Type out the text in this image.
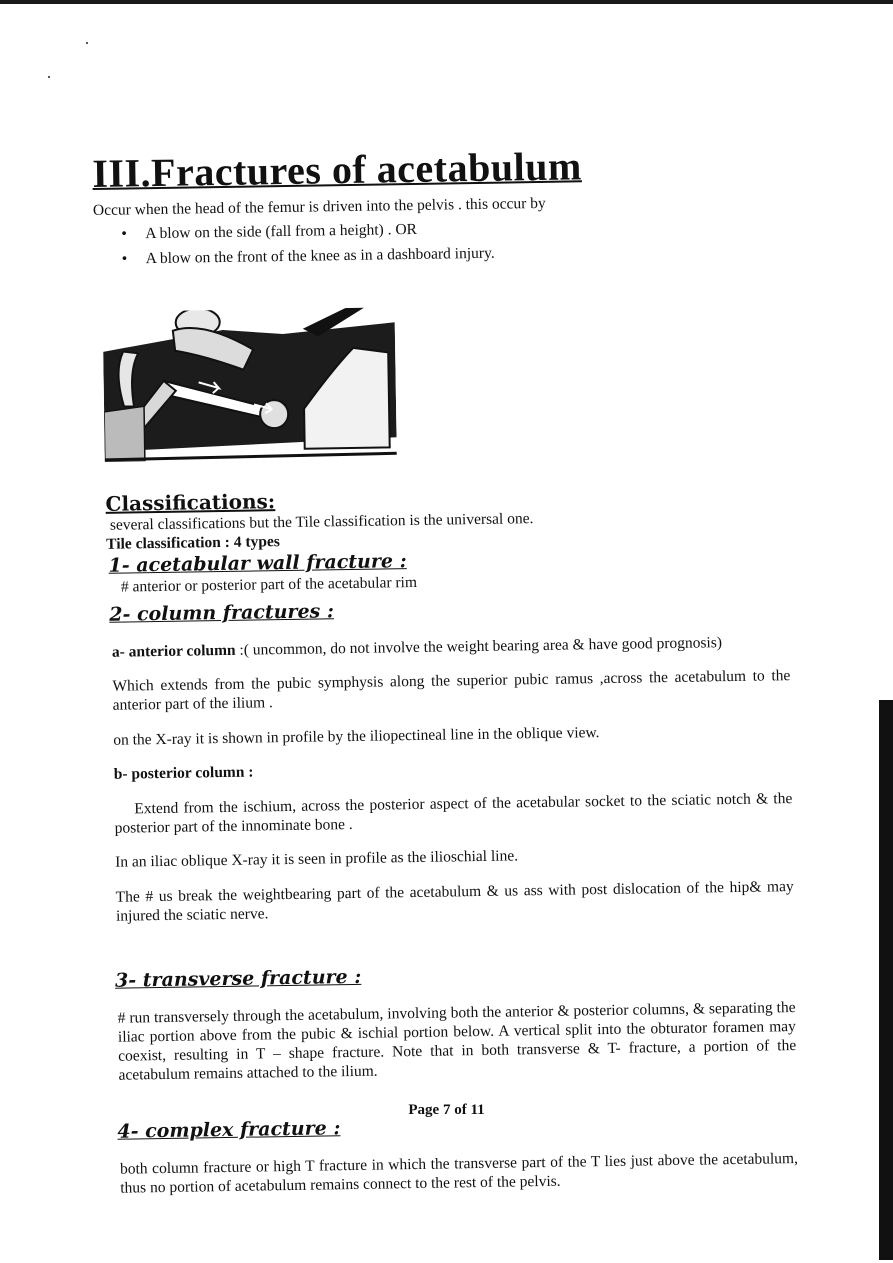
III.Fractures of acetabulum

Occur when the head of the femur is driven into the pelvis . this occur by

• A blow on the side (fall from a height) . OR
• A blow on the front of the knee as in a dashboard injury.
Classifications:

several classifications but the Tile classification is the universal one.

Tile classification : 4 types

1- acetabular wall fracture :

# anterior or posterior part of the acetabular rim

2- column fractures :

a- anterior column :( uncommon, do not involve the weight bearing area & have good prognosis)

Which extends from the pubic symphysis along the superior pubic ramus ,across the acetabulum to the anterior part of the ilium .

on the X-ray it is shown in profile by the iliopectineal line in the oblique view.

b- posterior column :

Extend from the ischium, across the posterior aspect of the acetabular socket to the sciatic notch & the posterior part of the innominate bone .

In an iliac oblique X-ray it is seen in profile as the ilioschial line.

The # us break the weightbearing part of the acetabulum & us ass with post dislocation of the hip& may injured the sciatic nerve.

3- transverse fracture :

# run transversely through the acetabulum, involving both the anterior & posterior columns, & separating the iliac portion above from the pubic & ischial portion below. A vertical split into the obturator foramen may coexist, resulting in T – shape fracture. Note that in both transverse & T- fracture, a portion of the acetabulum remains attached to the ilium.

4- complex fracture :

both column fracture or high T fracture in which the transverse part of the T lies just above the acetabulum, thus no portion of acetabulum remains connect to the rest of the pelvis.

Page 7 of 11
